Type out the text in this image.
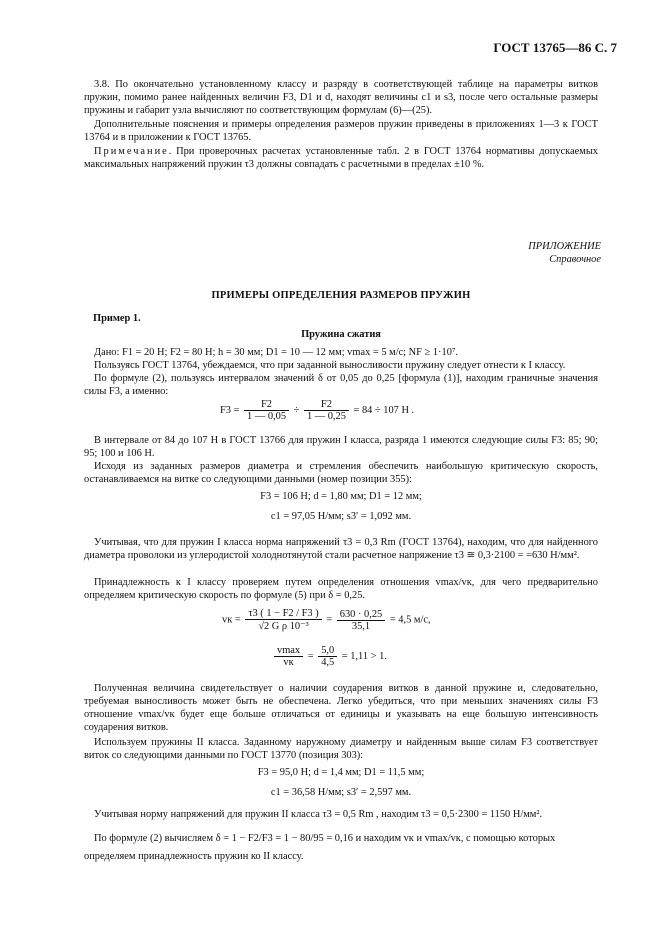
ГОСТ 13765—86 С. 7

3.8. По окончательно установленному классу и разряду в соответствующей таблице на параметры витков пружин, помимо ранее найденных величин F3, D1 и d, находят величины c1 и s3, после чего остальные размеры пружины и габарит узла вычисляют по соответствующим формулам (6)—(25).

Дополнительные пояснения и примеры определения размеров пружин приведены в приложениях 1—3 к ГОСТ 13764 и в приложении к ГОСТ 13765.

Примечание. При проверочных расчетах установленные табл. 2 в ГОСТ 13764 нормативы допускаемых максимальных напряжений пружин τ3 должны совпадать с расчетными в пределах ±10 %.

ПРИЛОЖЕНИЕ
Справочное
ПРИМЕРЫ ОПРЕДЕЛЕНИЯ РАЗМЕРОВ ПРУЖИН
Пример 1.
Пружина сжатия

Дано: F1 = 20 Н; F2 = 80 Н; h = 30 мм; D1 = 10 — 12 мм; vmax = 5 м/с; NF ≥ 1·10⁷.

Пользуясь ГОСТ 13764, убеждаемся, что при заданной выносливости пружину следует отнести к I классу.

По формуле (2), пользуясь интервалом значений δ от 0,05 до 0,25 [формула (1)], находим граничные значения силы F3, а именно:

$F3 = \frac{F2}{1 — 0,05} \div \frac{F2}{1 — 0,25} = 84 \div 107$ Н .

В интервале от 84 до 107 Н в ГОСТ 13766 для пружин I класса, разряда 1 имеются следующие силы F3: 85; 90; 95; 100 и 106 Н.

Исходя из заданных размеров диаметра и стремления обеспечить наибольшую критическую скорость, останавливаемся на витке со следующими данными (номер позиции 355):

F3 = 106 Н; d = 1,80 мм; D1 = 12 мм;
c1 = 97,05 Н/мм; s3′ = 1,092 мм.

Учитывая, что для пружин I класса норма напряжений τ3 = 0,3 Rm (ГОСТ 13764), находим, что для найденного диаметра проволоки из углеродистой холоднотянутой стали расчетное напряжение τ3 ≅ 0,3·2100 = =630 Н/мм².

Принадлежность к I классу проверяем путем определения отношения vmax/vк, для чего предварительно определяем критическую скорость по формуле (5) при δ = 0,25.

vк = $\frac{\tau 3 ( 1 - F2 / F3 )}{\text{√2 G ρ 10⁻³}} = \frac{630 \cdot 0,25}{35,1} = 4,5$ м/с,
$\frac{vmax}{vк} = \frac{5,0}{4,5} = 1,11 > 1$.

Полученная величина свидетельствует о наличии соударения витков в данной пружине и, следовательно, требуемая выносливость может быть не обеспечена. Легко убедиться, что при меньших значениях силы F3 отношение vmax/vк будет еще больше отличаться от единицы и указывать на еще большую интенсивность соударения витков.

Используем пружины II класса. Заданному наружному диаметру и найденным выше силам F3 соответствует виток со следующими данными по ГОСТ 13770 (позиция 303):

F3 = 95,0 Н; d = 1,4 мм; D1 = 11,5 мм;
c1 = 36,58 Н/мм; s3′ = 2,597 мм.

Учитывая норму напряжений для пружин II класса τ3 = 0,5 Rm , находим τ3 = 0,5·2300 = 1150 Н/мм².

По формуле (2) вычисляем δ = 1 − F2/F3 = 1 − 80/95 = 0,16 и находим vк и vmax/vк, с помощью которых

определяем принадлежность пружин ко II классу.
